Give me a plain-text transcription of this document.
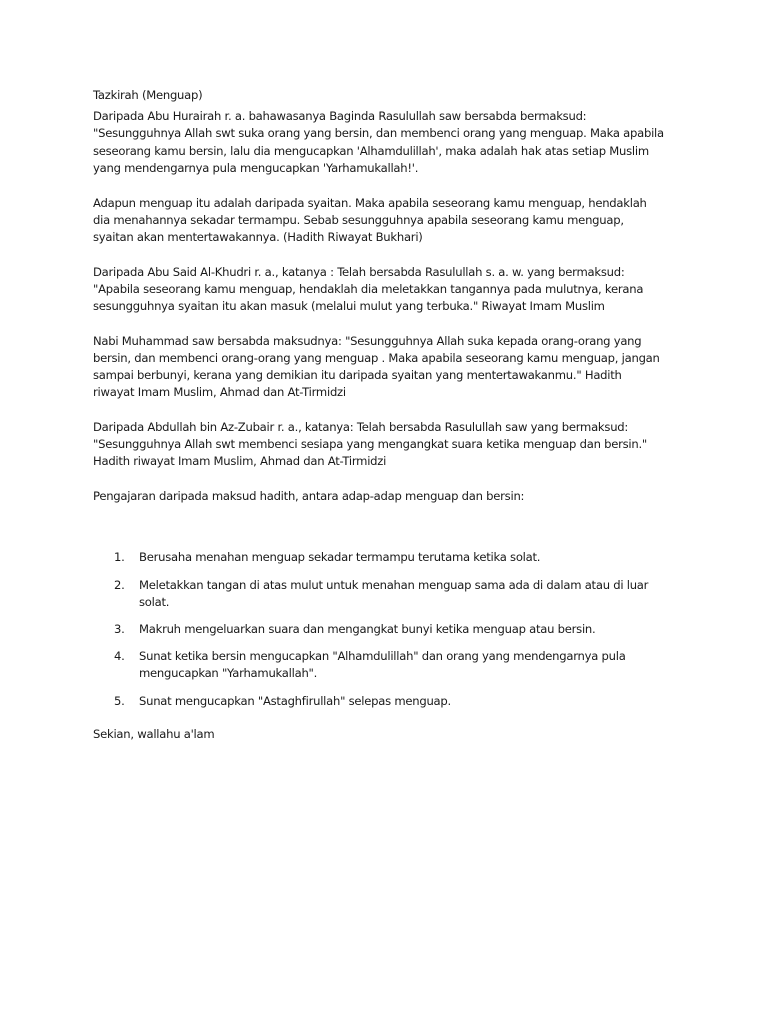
Tazkirah (Menguap)
Daripada Abu Hurairah r. a. bahawasanya Baginda Rasulullah saw bersabda bermaksud:
"Sesungguhnya Allah swt suka orang yang bersin, dan membenci orang yang menguap. Maka apabila
seseorang kamu bersin, lalu dia mengucapkan 'Alhamdulillah', maka adalah hak atas setiap Muslim
yang mendengarnya pula mengucapkan 'Yarhamukallah!'.
Adapun menguap itu adalah daripada syaitan. Maka apabila seseorang kamu menguap, hendaklah
dia menahannya sekadar termampu. Sebab sesungguhnya apabila seseorang kamu menguap,
syaitan akan mentertawakannya. (Hadith Riwayat Bukhari)
Daripada Abu Said Al-Khudri r. a., katanya : Telah bersabda Rasulullah s. a. w. yang bermaksud:
"Apabila seseorang kamu menguap, hendaklah dia meletakkan tangannya pada mulutnya, kerana
sesungguhnya syaitan itu akan masuk (melalui mulut yang terbuka." Riwayat Imam Muslim
Nabi Muhammad saw bersabda maksudnya: "Sesungguhnya Allah suka kepada orang-orang yang
bersin, dan membenci orang-orang yang menguap . Maka apabila seseorang kamu menguap, jangan
sampai berbunyi, kerana yang demikian itu daripada syaitan yang mentertawakanmu." Hadith
riwayat Imam Muslim, Ahmad dan At-Tirmidzi
Daripada Abdullah bin Az-Zubair r. a., katanya: Telah bersabda Rasulullah saw yang bermaksud:
"Sesungguhnya Allah swt membenci sesiapa yang mengangkat suara ketika menguap dan bersin."
Hadith riwayat Imam Muslim, Ahmad dan At-Tirmidzi
Pengajaran daripada maksud hadith, antara adap-adap menguap dan bersin:
1. Berusaha menahan menguap sekadar termampu terutama ketika solat.
2. Meletakkan tangan di atas mulut untuk menahan menguap sama ada di dalam atau di luar
solat.
3. Makruh mengeluarkan suara dan mengangkat bunyi ketika menguap atau bersin.
4. Sunat ketika bersin mengucapkan "Alhamdulillah" dan orang yang mendengarnya pula
mengucapkan "Yarhamukallah".
5. Sunat mengucapkan "Astaghfirullah" selepas menguap.
Sekian, wallahu a'lam
